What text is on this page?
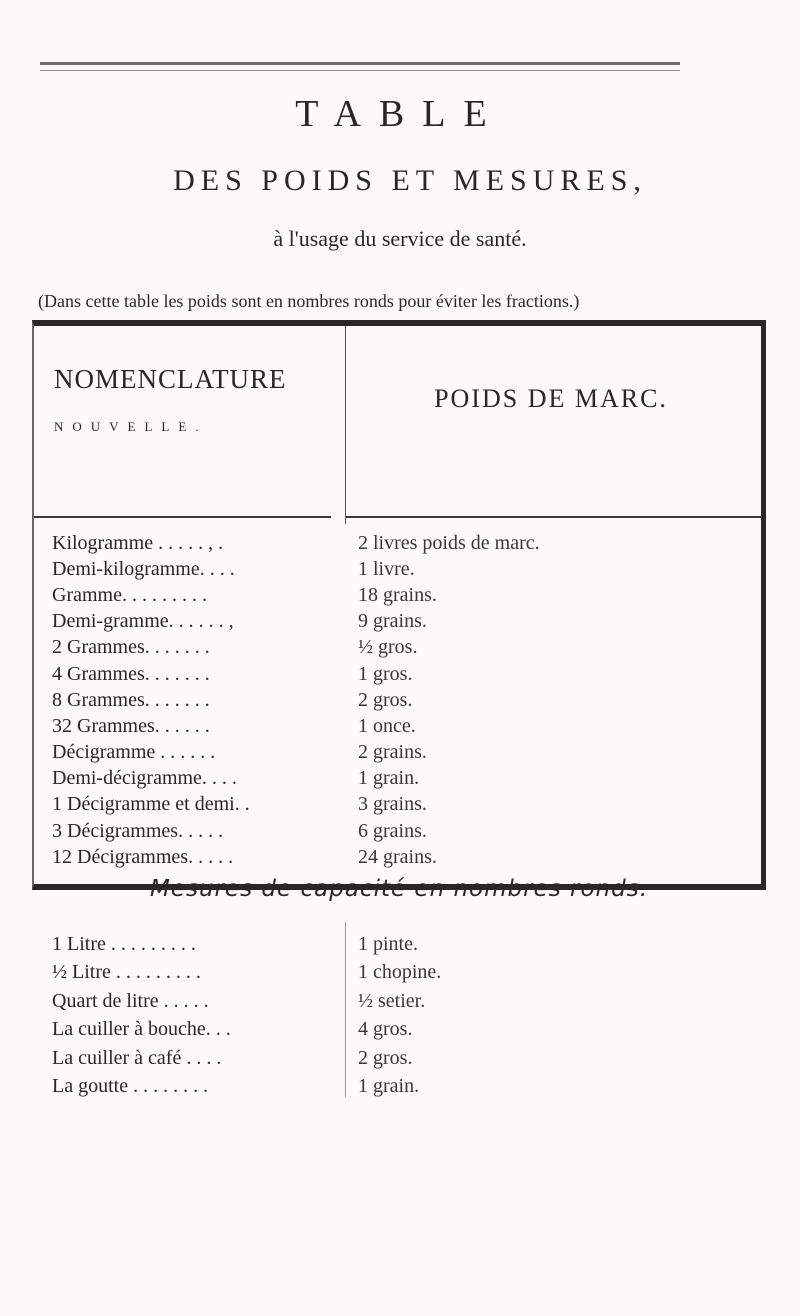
TABLE
DES POIDS ET MESURES,
à l'usage du service de santé.
(Dans cette table les poids sont en nombres ronds pour éviter les fractions.)
NOMENCLATURE
NOUVELLE.
POIDS DE MARC.
Kilogramme . . . . . , .	2 livres poids de marc.
Demi-kilogramme. . . .	1 livre.
Gramme. . . . . . . . .	18 grains.
Demi-gramme. . . . . . ,	9 grains.
2 Grammes. . . . . . .	½ gros.
4 Grammes. . . . . . .	1 gros.
8 Grammes. . . . . . .	2 gros.
32 Grammes. . . . . .	1 once.
Décigramme . . . . . .	2 grains.
Demi-décigramme. . . .	1 grain.
1 Décigramme et demi. .	3 grains.
3 Décigrammes. . . . .	6 grains.
12 Décigrammes. . . . .	24 grains.
Mesures de capacité en nombres ronds.
1 Litre . . . . . . . . .	1 pinte.
½ Litre . . . . . . . . .	1 chopine.
Quart de litre . . . . .	½ setier.
La cuiller à bouche. . .	4 gros.
La cuiller à café . . . .	2 gros.
La goutte . . . . . . . .	1 grain.
